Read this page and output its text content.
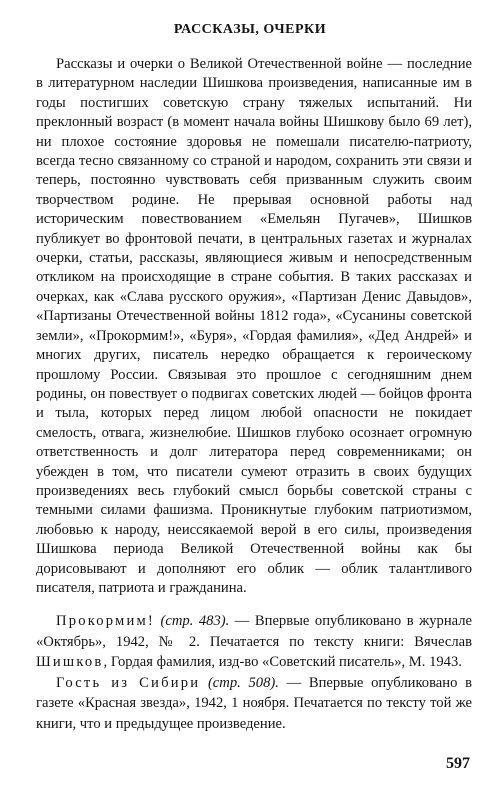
РАССКАЗЫ, ОЧЕРКИ

Рассказы и очерки о Великой Отечественной войне — последние в литературном наследии Шишкова произведения, написанные им в годы постигших советскую страну тяжелых испытаний. Ни преклонный возраст (в момент начала войны Шишкову было 69 лет), ни плохое состояние здоровья не помешали писателю-патриоту, всегда тесно связанному со страной и народом, сохранить эти связи и теперь, постоянно чувствовать себя призванным служить своим творчеством родине. Не прерывая основной работы над историческим повествованием «Емельян Пугачев», Шишков публикует во фронтовой печати, в центральных газетах и журналах очерки, статьи, рассказы, являющиеся живым и непосредственным откликом на происходящие в стране события. В таких рассказах и очерках, как «Слава русского оружия», «Партизан Денис Давыдов», «Партизаны Отечественной войны 1812 года», «Сусанины советской земли», «Прокормим!», «Буря», «Гордая фамилия», «Дед Андрей» и многих других, писатель нередко обращается к героическому прошлому России. Связывая это прошлое с сегодняшним днем родины, он повествует о подвигах советских людей — бойцов фронта и тыла, которых перед лицом любой опасности не покидает смелость, отвага, жизнелюбие. Шишков глубоко осознает огромную ответственность и долг литератора перед современниками; он убежден в том, что писатели сумеют отразить в своих будущих произведениях весь глубокий смысл борьбы советской страны с темными силами фашизма. Проникнутые глубоким патриотизмом, любовью к народу, неиссякаемой верой в его силы, произведения Шишкова периода Великой Отечественной войны как бы дорисовывают и дополняют его облик — облик талантливого писателя, патриота и гражданина.

Прокормим! (стр. 483). — Впервые опубликовано в журнале «Октябрь», 1942, № 2. Печатается по тексту книги: Вячеслав Шишков, Гордая фамилия, изд-во «Советский писатель», М. 1943.

Гость из Сибири (стр. 508). — Впервые опубликовано в газете «Красная звезда», 1942, 1 ноября. Печатается по тексту той же книги, что и предыдущее произведение.

597
